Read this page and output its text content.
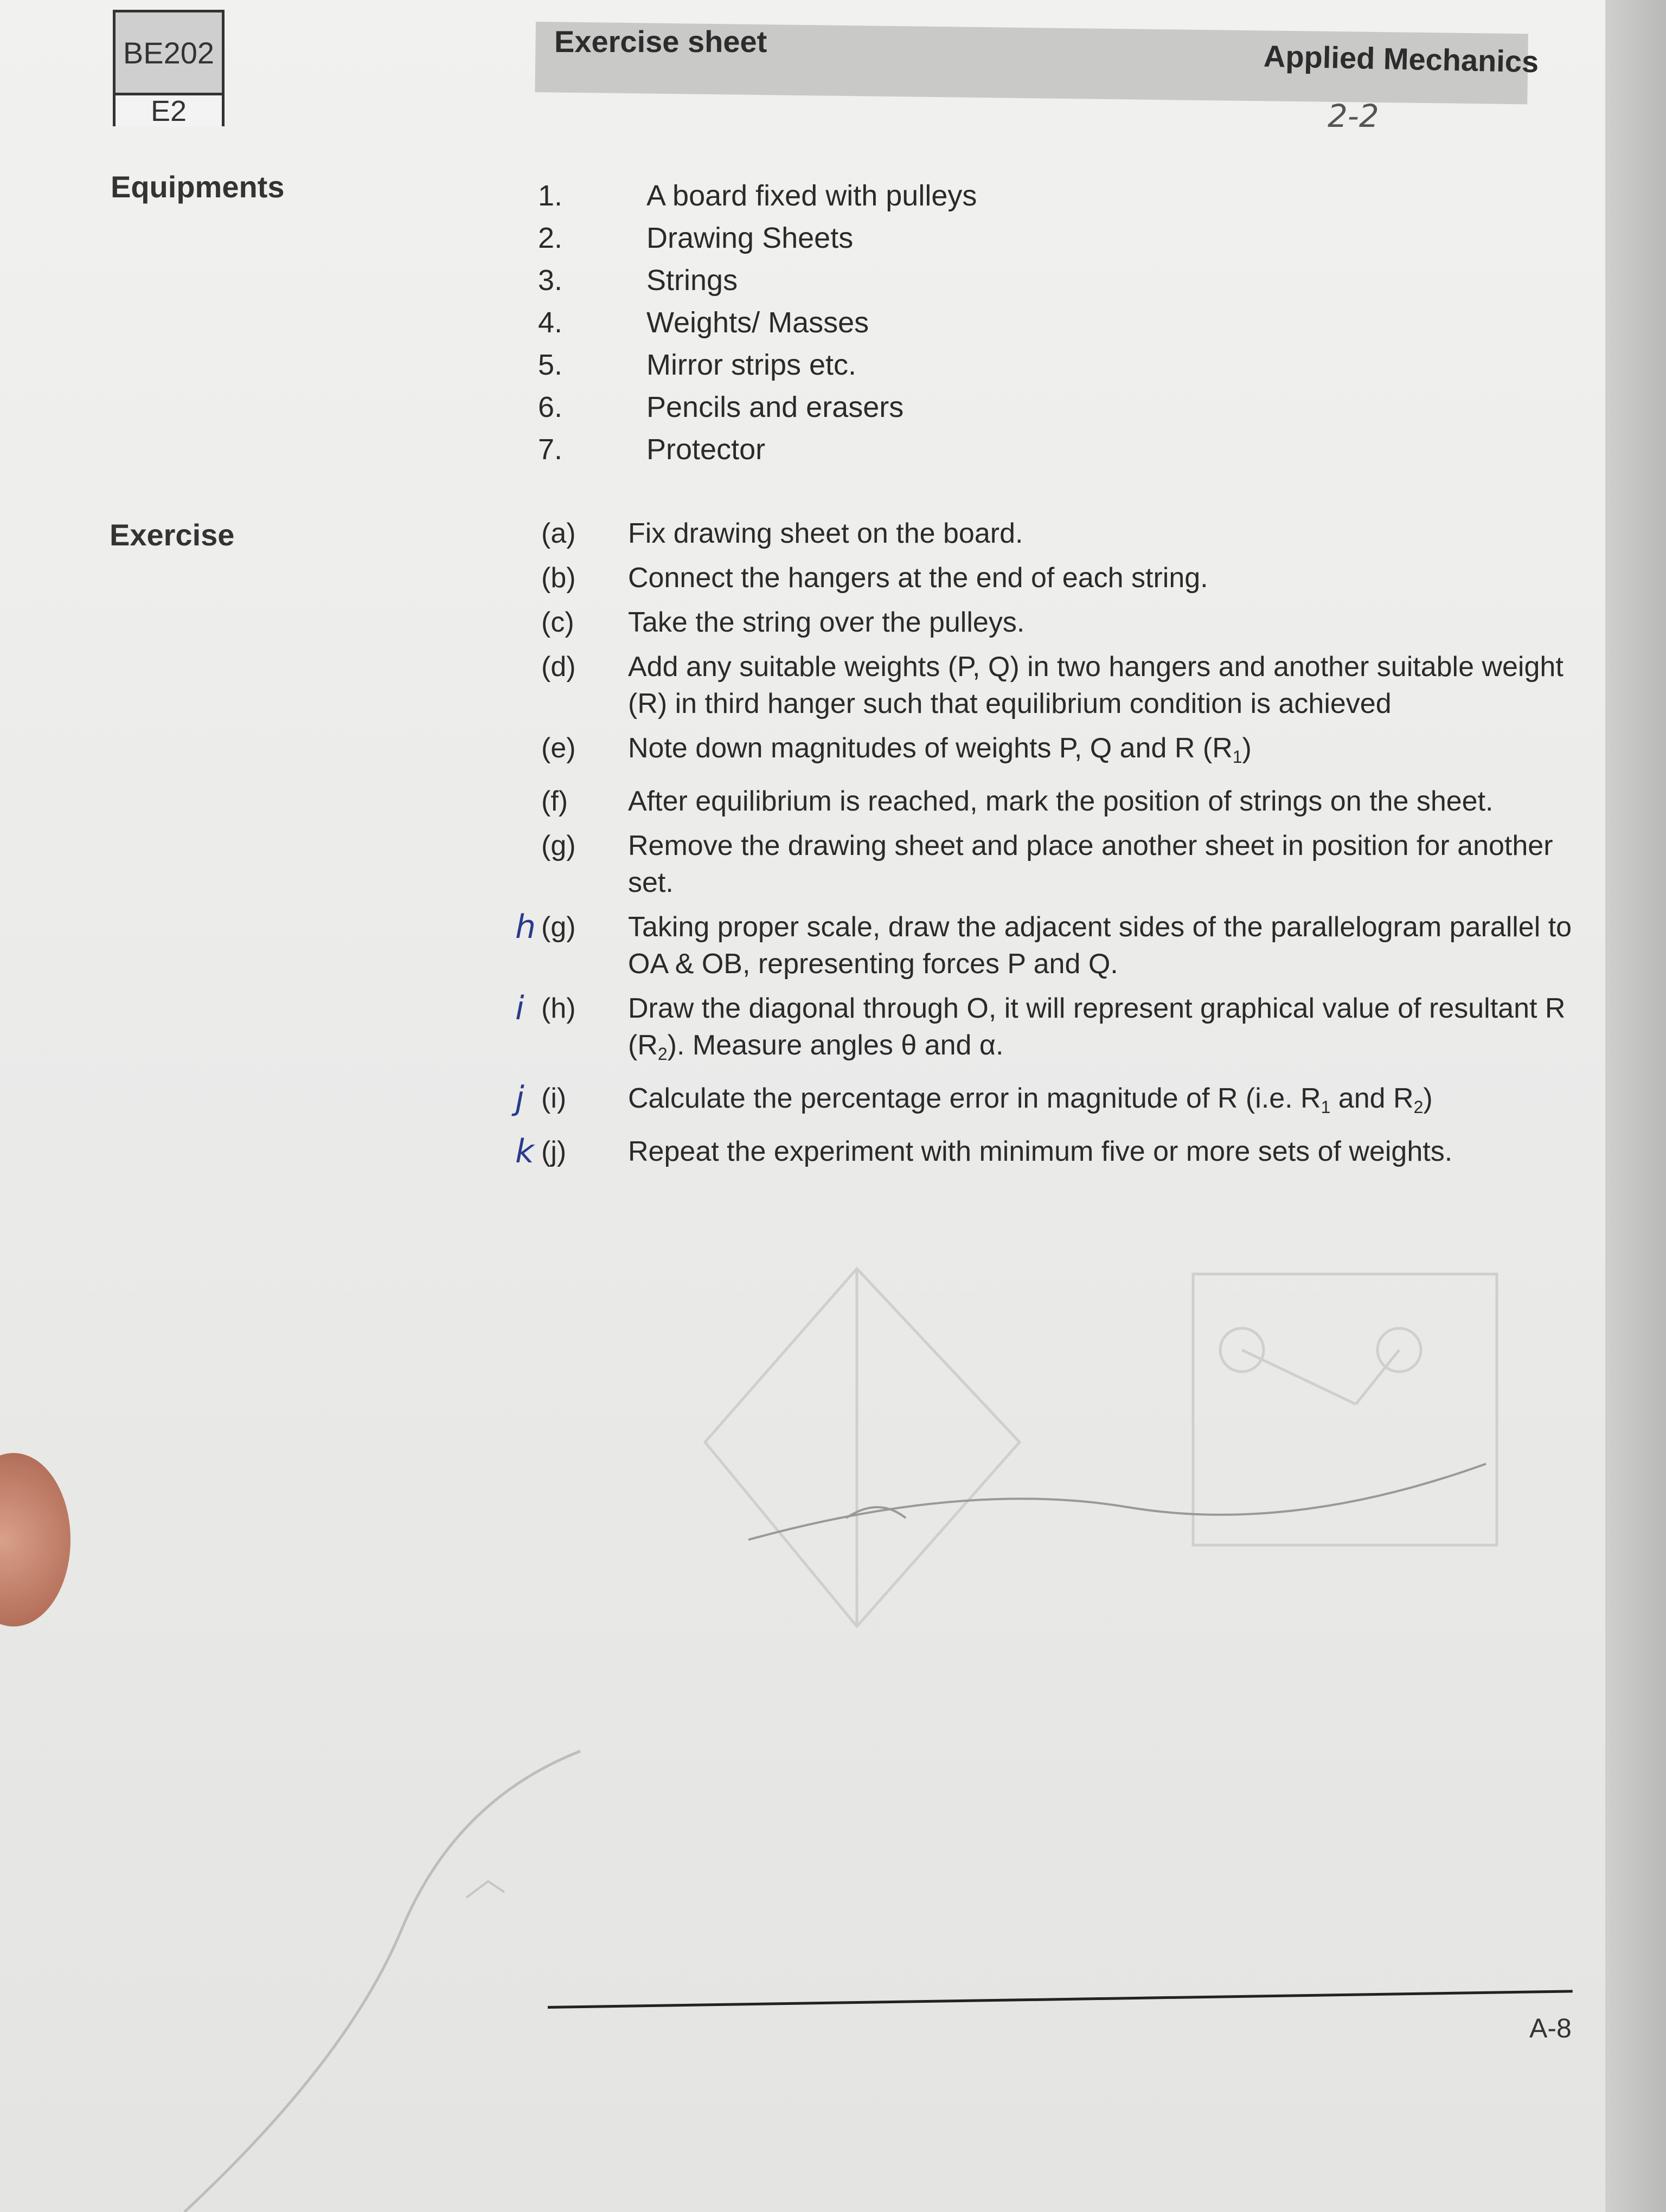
BE202
E2
Exercise sheet	Applied Mechanics
2-2
Equipments	1.	A board fixed with pulleys
2.	Drawing Sheets
3.	Strings
4.	Weights/ Masses
5.	Mirror strips etc.
6.	Pencils and erasers
7.	Protector
Exercise	(a)	Fix drawing sheet on the board.
(b)	Connect the hangers at the end of each string.
(c)	Take the string over the pulleys.
(d)	Add any suitable weights (P, Q) in two hangers and another suitable weight (R) in third hanger such that equilibrium condition is achieved
(e)	Note down magnitudes of weights P, Q and R $(R_1)$
(f)	After equilibrium is reached, mark the position of strings on the sheet.
(g)	Remove the drawing sheet and place another sheet in position for another set.
h (g)	Taking proper scale, draw the adjacent sides of the parallelogram parallel to OA & OB, representing forces P and Q.
i (h)	Draw the diagonal through O, it will represent graphical value of resultant R $(R_2)$. Measure angles θ and α.
j (i)	Calculate the percentage error in magnitude of R (i.e. $R_1$ and $R_2$)
k (j)	Repeat the experiment with minimum five or more sets of weights.
A-8
